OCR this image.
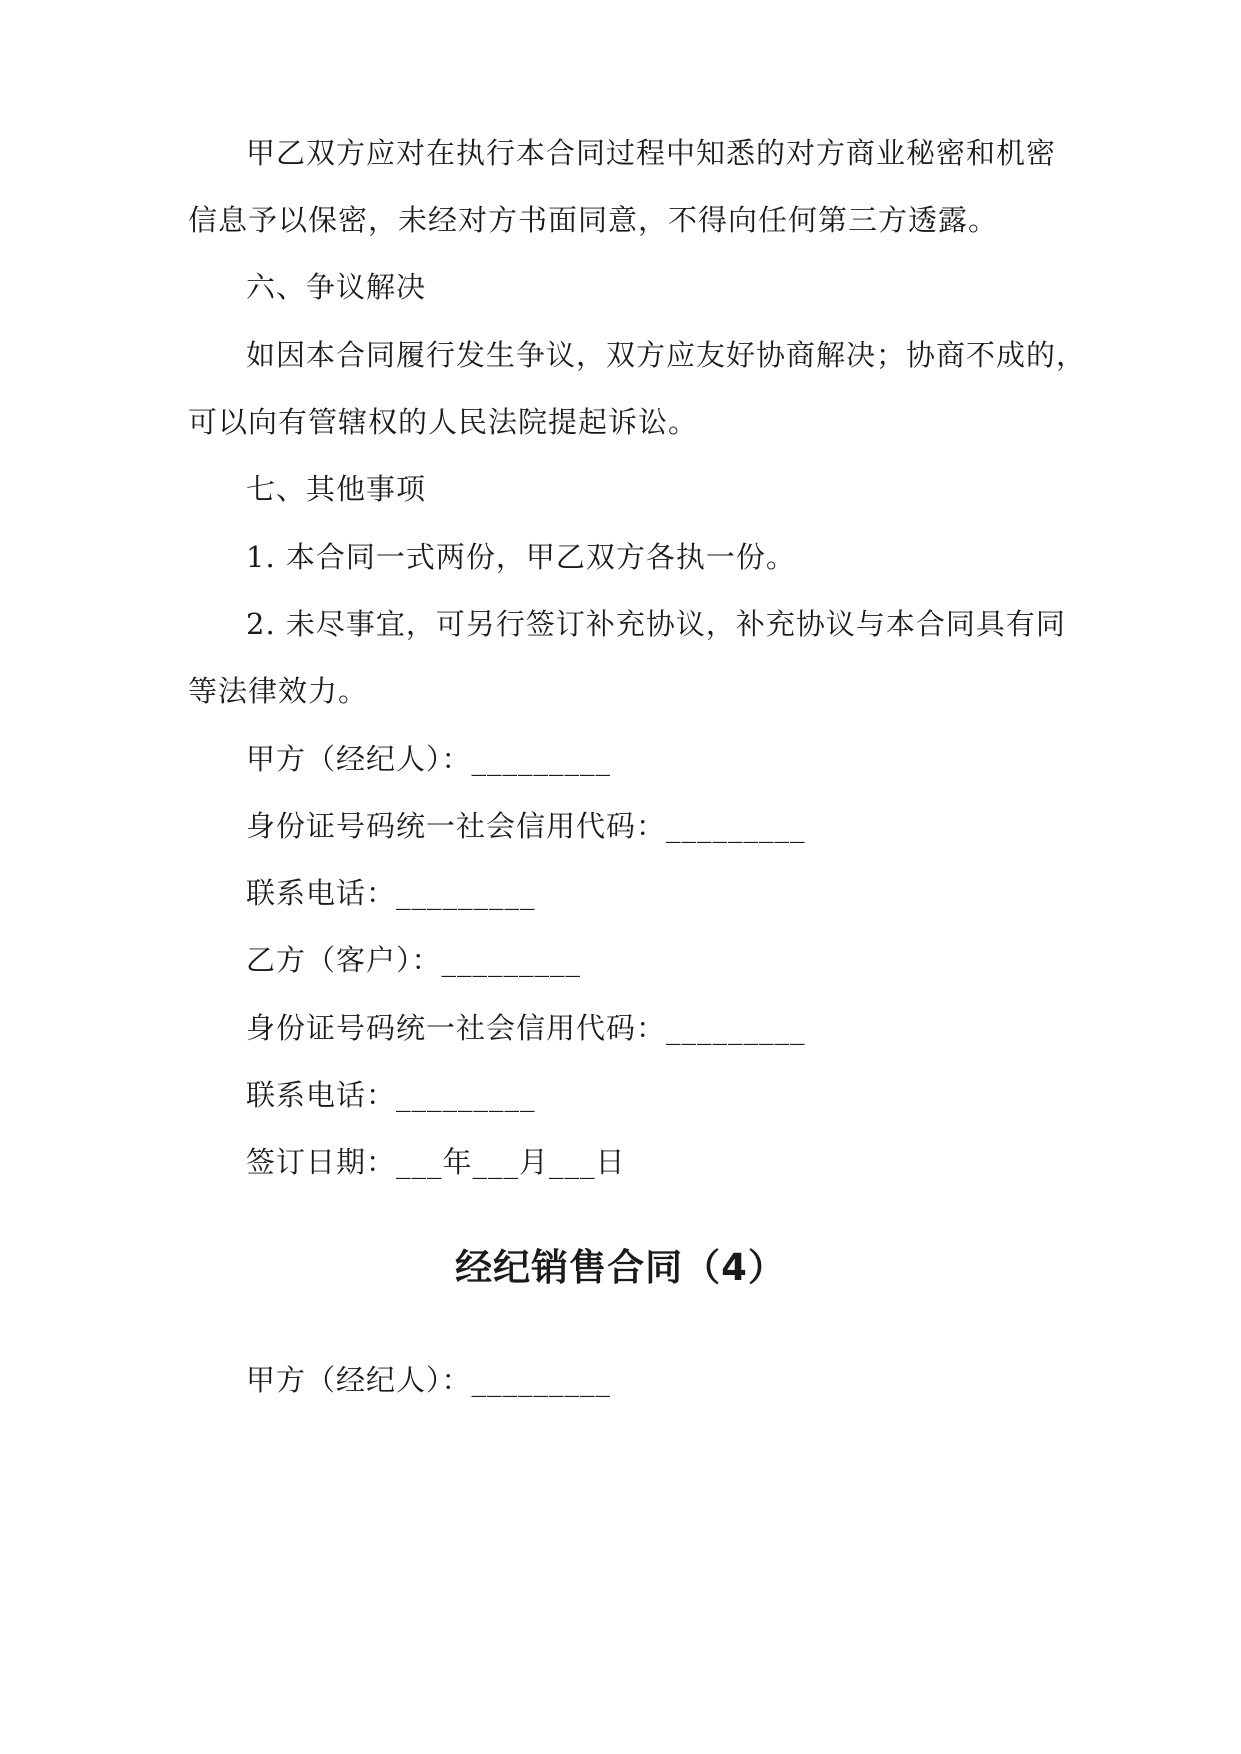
甲乙双方应对在执行本合同过程中知悉的对方商业秘密和机密
信息予以保密，未经对方书面同意，不得向任何第三方透露。
六、争议解决
如因本合同履行发生争议，双方应友好协商解决；协商不成的，
可以向有管辖权的人民法院提起诉讼。
七、其他事项
1. 本合同一式两份，甲乙双方各执一份。
2. 未尽事宜，可另行签订补充协议，补充协议与本合同具有同
等法律效力。
甲方（经纪人）：_________
身份证号码统一社会信用代码：_________
联系电话：_________
乙方（客户）：_________
身份证号码统一社会信用代码：_________
联系电话：_________
签订日期：___年___月___日
经纪销售合同（4）
甲方（经纪人）：_________
